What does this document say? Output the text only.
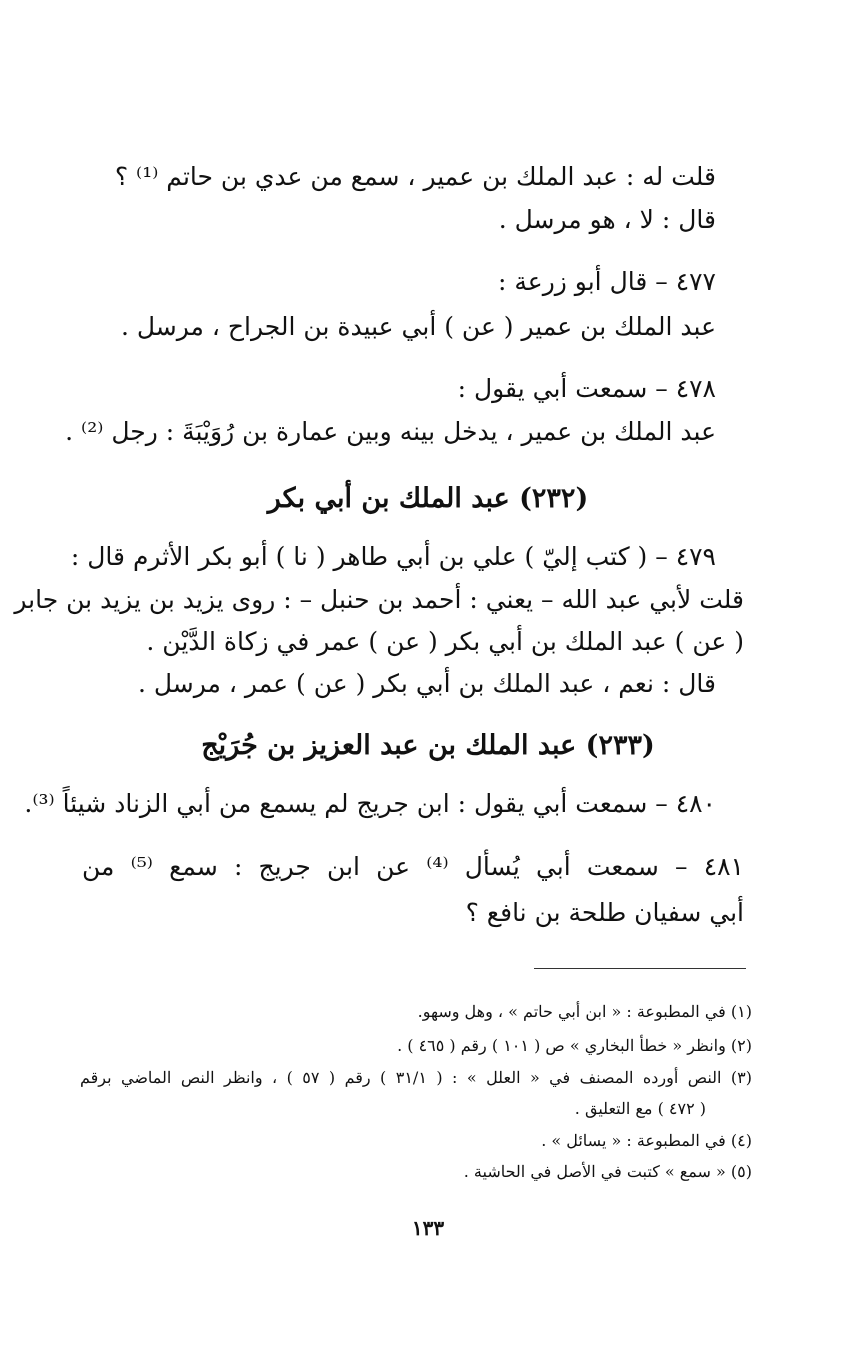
قلت له : عبد الملك بن عمير ، سمع من عدي بن حاتم ⁽¹⁾ ؟
قال : لا ، هو مرسل .
٤٧٧ – قال أبو زرعة :
عبد الملك بن عمير ( عن ) أبي عبيدة بن الجراح ، مرسل .
٤٧٨ – سمعت أبي يقول :
عبد الملك بن عمير ، يدخل بينه وبين عمارة بن رُوَيْبَةَ : رجل ⁽²⁾ .
(٢٣٢) عبد الملك بن أبي بكر
٤٧٩ – ( كتب إليّ ) علي بن أبي طاهر ( نا ) أبو بكر الأثرم قال :
قلت لأبي عبد الله – يعني : أحمد بن حنبل – : روى يزيد بن يزيد بن جابر
( عن ) عبد الملك بن أبي بكر ( عن ) عمر في زكاة الدَّيْن .
قال : نعم ، عبد الملك بن أبي بكر ( عن ) عمر ، مرسل .
(٢٣٣) عبد الملك بن عبد العزيز بن جُرَيْج
٤٨٠ – سمعت أبي يقول : ابن جريج لم يسمع من أبي الزناد شيئاً ⁽³⁾.
٤٨١ – سمعت أبي يُسأل ⁽⁴⁾ عن ابن جريج : سمع ⁽⁵⁾ من
أبي سفيان طلحة بن نافع ؟
(١) في المطبوعة : « ابن أبي حاتم » ، وهل وسهو.
(٢) وانظر « خطأ البخاري » ص ( ١٠١ ) رقم ( ٤٦٥ ) .
(٣) النص أورده المصنف في « العلل » : ( ٣١/١ ) رقم ( ٥٧ ) ، وانظر النص الماضي برقم
( ٤٧٢ ) مع التعليق .
(٤) في المطبوعة : « يسائل » .
(٥) « سمع » كتبت في الأصل في الحاشية .
١٣٣
